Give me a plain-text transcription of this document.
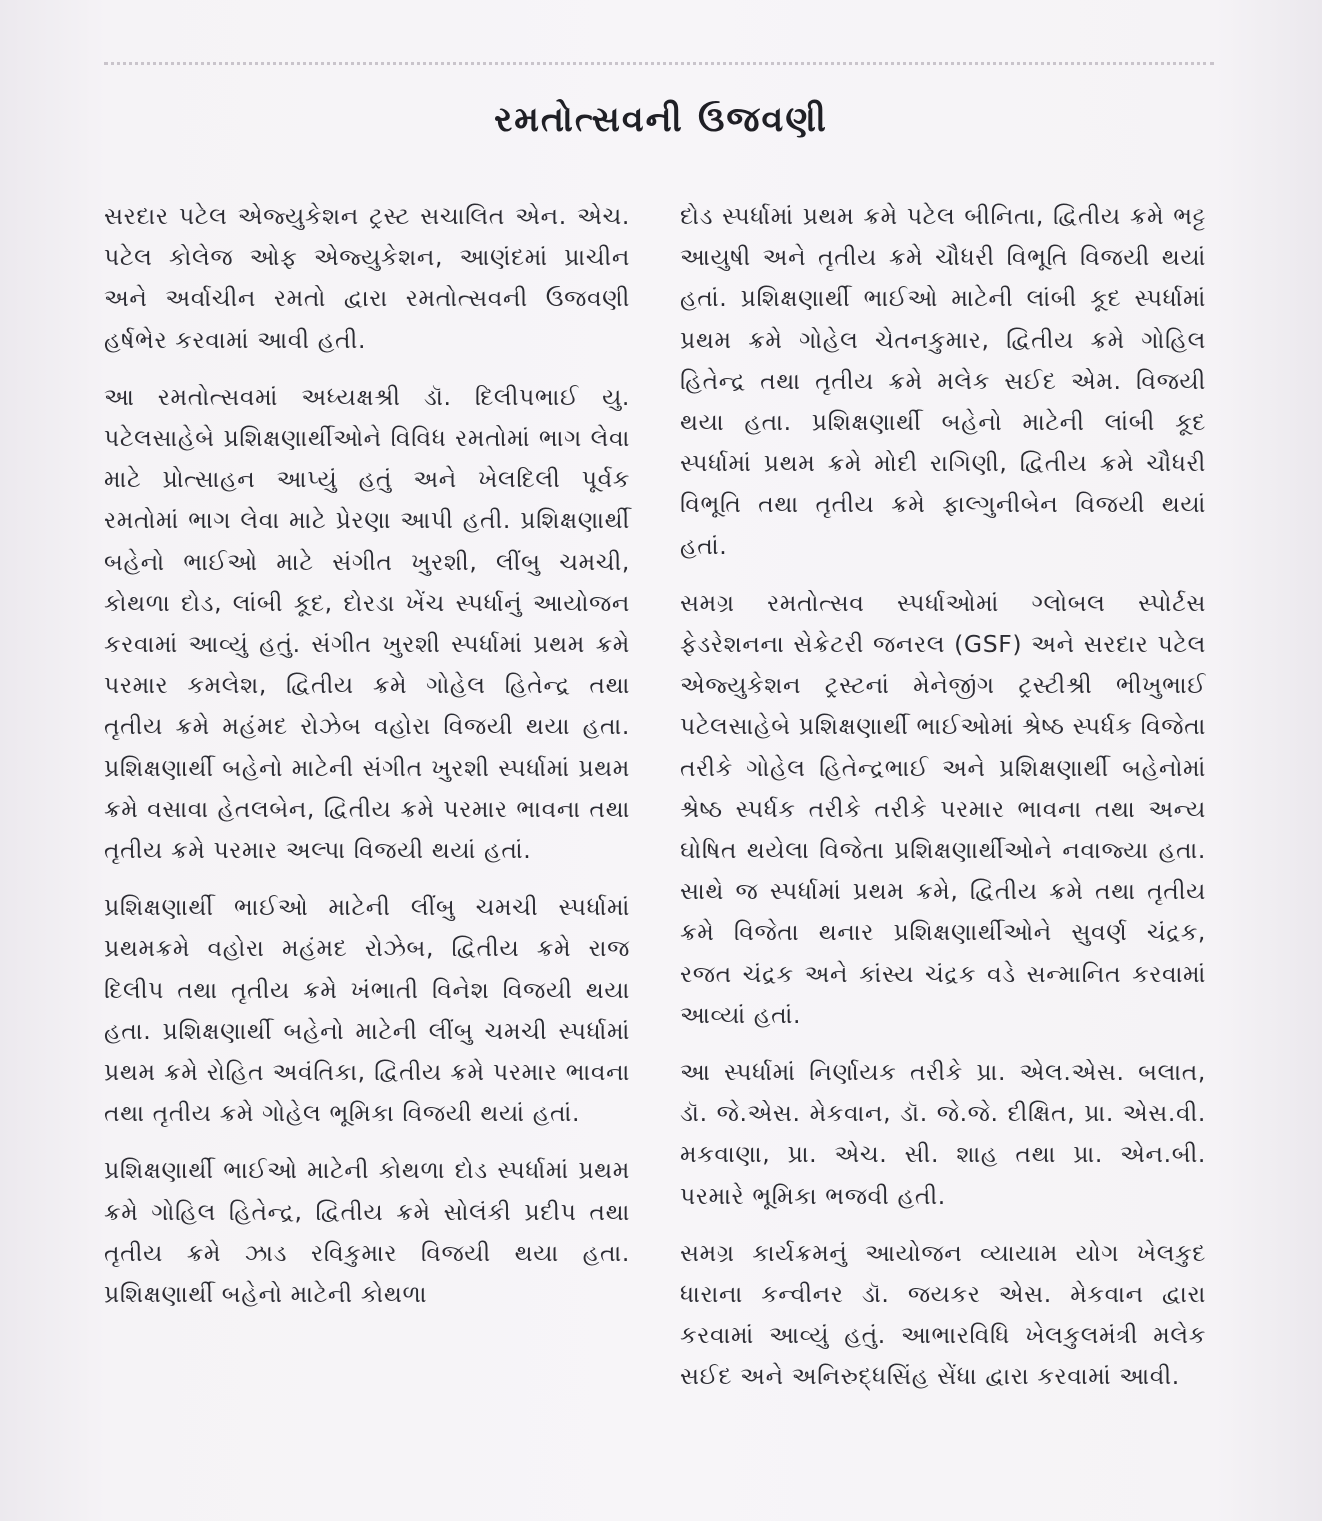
રમતોત્સવની ઉજવણી

સરદાર પટેલ એજ્યુકેશન ટ્રસ્ટ સચાલિત એન. એચ. પટેલ કોલેજ ઓફ એજ્યુકેશન, આણંદમાં પ્રાચીન અને અર્વાચીન રમતો દ્વારા રમતોત્સવની ઉજવણી હર્ષભેર કરવામાં આવી હતી.

આ રમતોત્સવમાં અધ્યક્ષશ્રી ડૉ. દિલીપભાઈ યુ. પટેલસાહેબે પ્રશિક્ષણાર્થીઓને વિવિધ રમતોમાં ભાગ લેવા માટે પ્રોત્સાહન આપ્યું હતું અને ખેલદિલી પૂર્વક રમતોમાં ભાગ લેવા માટે પ્રેરણા આપી હતી. પ્રશિક્ષણાર્થી બહેનો ભાઈઓ માટે સંગીત ખુરશી, લીંબુ ચમચી, કોથળા દોડ, લાંબી કૂદ, દોરડા ખેંચ સ્પર્ધાનું આયોજન કરવામાં આવ્યું હતું. સંગીત ખુરશી સ્પર્ધામાં પ્રથમ ક્રમે પરમાર કમલેશ, દ્વિતીય ક્રમે ગોહેલ હિતેન્દ્ર તથા તૃતીય ક્રમે મહંમદ રોઝેબ વહોરા વિજયી થયા હતા. પ્રશિક્ષણાર્થી બહેનો માટેની સંગીત ખુરશી સ્પર્ધામાં પ્રથમ ક્રમે વસાવા હેતલબેન, દ્વિતીય ક્રમે પરમાર ભાવના તથા તૃતીય ક્રમે પરમાર અલ્પા વિજયી થયાં હતાં.

પ્રશિક્ષણાર્થી ભાઈઓ માટેની લીંબુ ચમચી સ્પર્ધામાં પ્રથમક્રમે વહોરા મહંમદ રોઝેબ, દ્વિતીય ક્રમે રાજ દિલીપ તથા તૃતીય ક્રમે ખંભાતી વિનેશ વિજયી થયા હતા. પ્રશિક્ષણાર્થી બહેનો માટેની લીંબુ ચમચી સ્પર્ધામાં પ્રથમ ક્રમે રોહિત અવંતિકા, દ્વિતીય ક્રમે પરમાર ભાવના તથા તૃતીય ક્રમે ગોહેલ ભૂમિકા વિજયી થયાં હતાં.

પ્રશિક્ષણાર્થી ભાઈઓ માટેની કોથળા દોડ સ્પર્ધામાં પ્રથમ ક્રમે ગોહિલ હિતેન્દ્ર, દ્વિતીય ક્રમે સોલંકી પ્રદીપ તથા તૃતીય ક્રમે ઝાડ રવિકુમાર વિજયી થયા હતા. પ્રશિક્ષણાર્થી બહેનો માટેની કોથળા

દોડ સ્પર્ધામાં પ્રથમ ક્રમે પટેલ બીનિતા, દ્વિતીય ક્રમે ભટ્ટ આયુષી અને તૃતીય ક્રમે ચૌધરી વિભૂતિ વિજયી થયાં હતાં. પ્રશિક્ષણાર્થી ભાઈઓ માટેની લાંબી કૂદ સ્પર્ધામાં પ્રથમ ક્રમે ગોહેલ ચેતનકુમાર, દ્વિતીય ક્રમે ગોહિલ હિતેન્દ્ર તથા તૃતીય ક્રમે મલેક સઈદ એમ. વિજયી થયા હતા. પ્રશિક્ષણાર્થી બહેનો માટેની લાંબી કૂદ સ્પર્ધામાં પ્રથમ ક્રમે મોદી રાગિણી, દ્વિતીય ક્રમે ચૌધરી વિભૂતિ તથા તૃતીય ક્રમે ફાલ્ગુનીબેન વિજયી થયાં હતાં.

સમગ્ર રમતોત્સવ સ્પર્ધાઓમાં ગ્લોબલ સ્પોર્ટસ ફેડરેશનના સેક્રેટરી જનરલ (GSF) અને સરદાર પટેલ એજ્યુકેશન ટ્રસ્ટનાં મેનેજીંગ ટ્રસ્ટીશ્રી ભીખુભાઈ પટેલસાહેબે પ્રશિક્ષણાર્થી ભાઈઓમાં શ્રેષ્ઠ સ્પર્ધક વિજેતા તરીકે ગોહેલ હિતેન્દ્રભાઈ અને પ્રશિક્ષણાર્થી બહેનોમાં શ્રેષ્ઠ સ્પર્ધક તરીકે તરીકે પરમાર ભાવના તથા અન્ય ઘોષિત થયેલા વિજેતા પ્રશિક્ષણાર્થીઓને નવાજ્યા હતા. સાથે જ સ્પર્ધામાં પ્રથમ ક્રમે, દ્વિતીય ક્રમે તથા તૃતીય ક્રમે વિજેતા થનાર પ્રશિક્ષણાર્થીઓને સુવર્ણ ચંદ્રક, રજત ચંદ્રક અને કાંસ્ય ચંદ્રક વડે સન્માનિત કરવામાં આવ્યાં હતાં.

આ સ્પર્ધામાં નિર્ણાયક તરીકે પ્રા. એલ.એસ. બલાત, ડૉ. જે.એસ. મેકવાન, ડૉ. જે.જે. દીક્ષિત, પ્રા. એસ.વી. મકવાણા, પ્રા. એચ. સી. શાહ તથા પ્રા. એન.બી. પરમારે ભૂમિકા ભજવી હતી.

સમગ્ર કાર્યક્રમનું આયોજન વ્યાયામ યોગ ખેલકુદ ધારાના કન્વીનર ડૉ. જયકર એસ. મેકવાન દ્વારા કરવામાં આવ્યું હતું. આભારવિધિ ખેલકુલમંત્રી મલેક સઈદ અને અનિરુદ્ધસિંહ સેંધા દ્વારા કરવામાં આવી.
